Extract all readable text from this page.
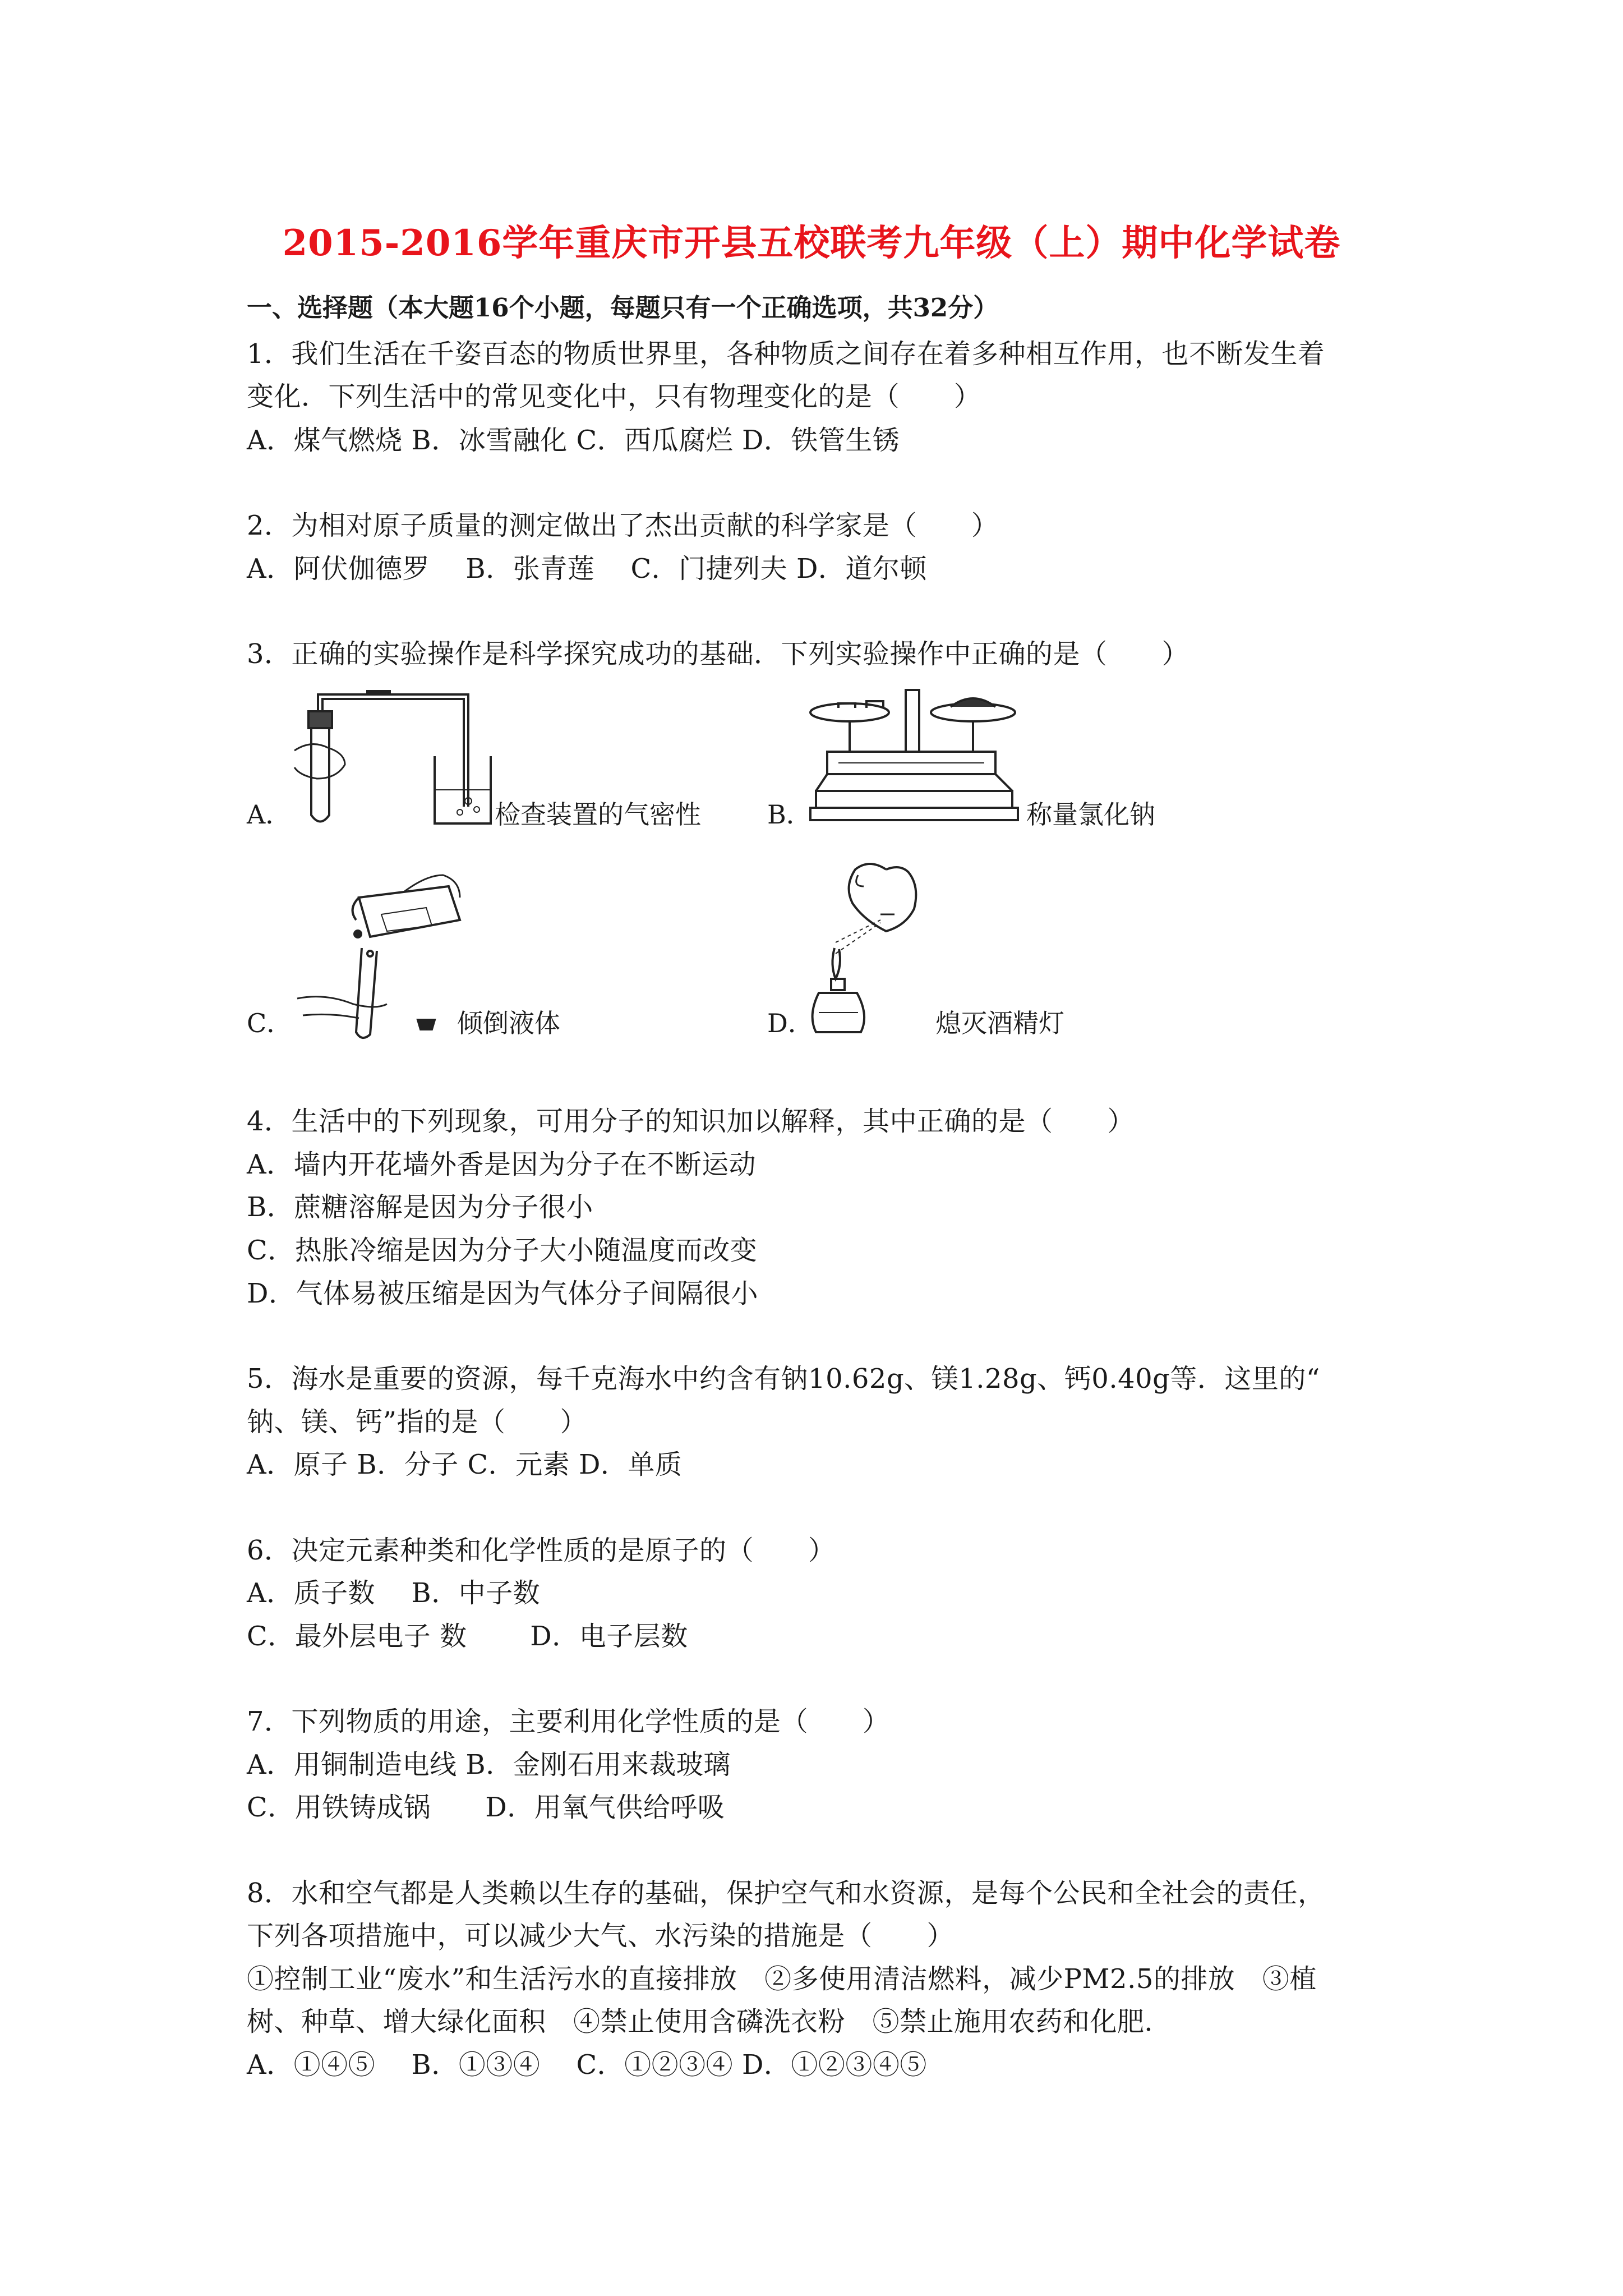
2015-2016学年重庆市开县五校联考九年级（上）期中化学试卷
一、选择题（本大题16个小题，每题只有一个正确选项，共32分）
1．我们生活在千姿百态的物质世界里，各种物质之间存在着多种相互作用，也不断发生着
变化．下列生活中的常见变化中，只有物理变化的是（　　）
A．煤气燃烧 B．冰雪融化 C．西瓜腐烂 D．铁管生锈
2．为相对原子质量的测定做出了杰出贡献的科学家是（　　）
A．阿伏伽德罗　 B．张青莲　 C．门捷列夫 D．道尔顿
3．正确的实验操作是科学探究成功的基础．下列实验操作中正确的是（　　）
A．	检查装置的气密性	B．	称量氯化钠
C．	倾倒液体	D．	熄灭酒精灯
4．生活中的下列现象，可用分子的知识加以解释，其中正确的是（　　）
A．墙内开花墙外香是因为分子在不断运动
B．蔗糖溶解是因为分子很小
C．热胀冷缩是因为分子大小随温度而改变
D．气体易被压缩是因为气体分子间隔很小
5．海水是重要的资源，每千克海水中约含有钠10.62g、镁1.28g、钙0.40g等．这里的“
钠、镁、钙”指的是（　　）
A．原子 B．分子 C．元素 D．单质
6．决定元素种类和化学性质的是原子的（　　）
A．质子数　 B．中子数
C．最外层电子 数　　 D．电子层数
7．下列物质的用途，主要利用化学性质的是（　　）
A．用铜制造电线 B．金刚石用来裁玻璃
C．用铁铸成锅　　D．用氧气供给呼吸
8．水和空气都是人类赖以生存的基础，保护空气和水资源，是每个公民和全社会的责任，
下列各项措施中，可以减少大气、水污染的措施是（　　）
①控制工业“废水”和生活污水的直接排放　②多使用清洁燃料，减少PM2.5的排放　③植
树、种草、增大绿化面积　④禁止使用含磷洗衣粉　⑤禁止施用农药和化肥．
A．①④⑤　 B．①③④　 C．①②③④ D．①②③④⑤
